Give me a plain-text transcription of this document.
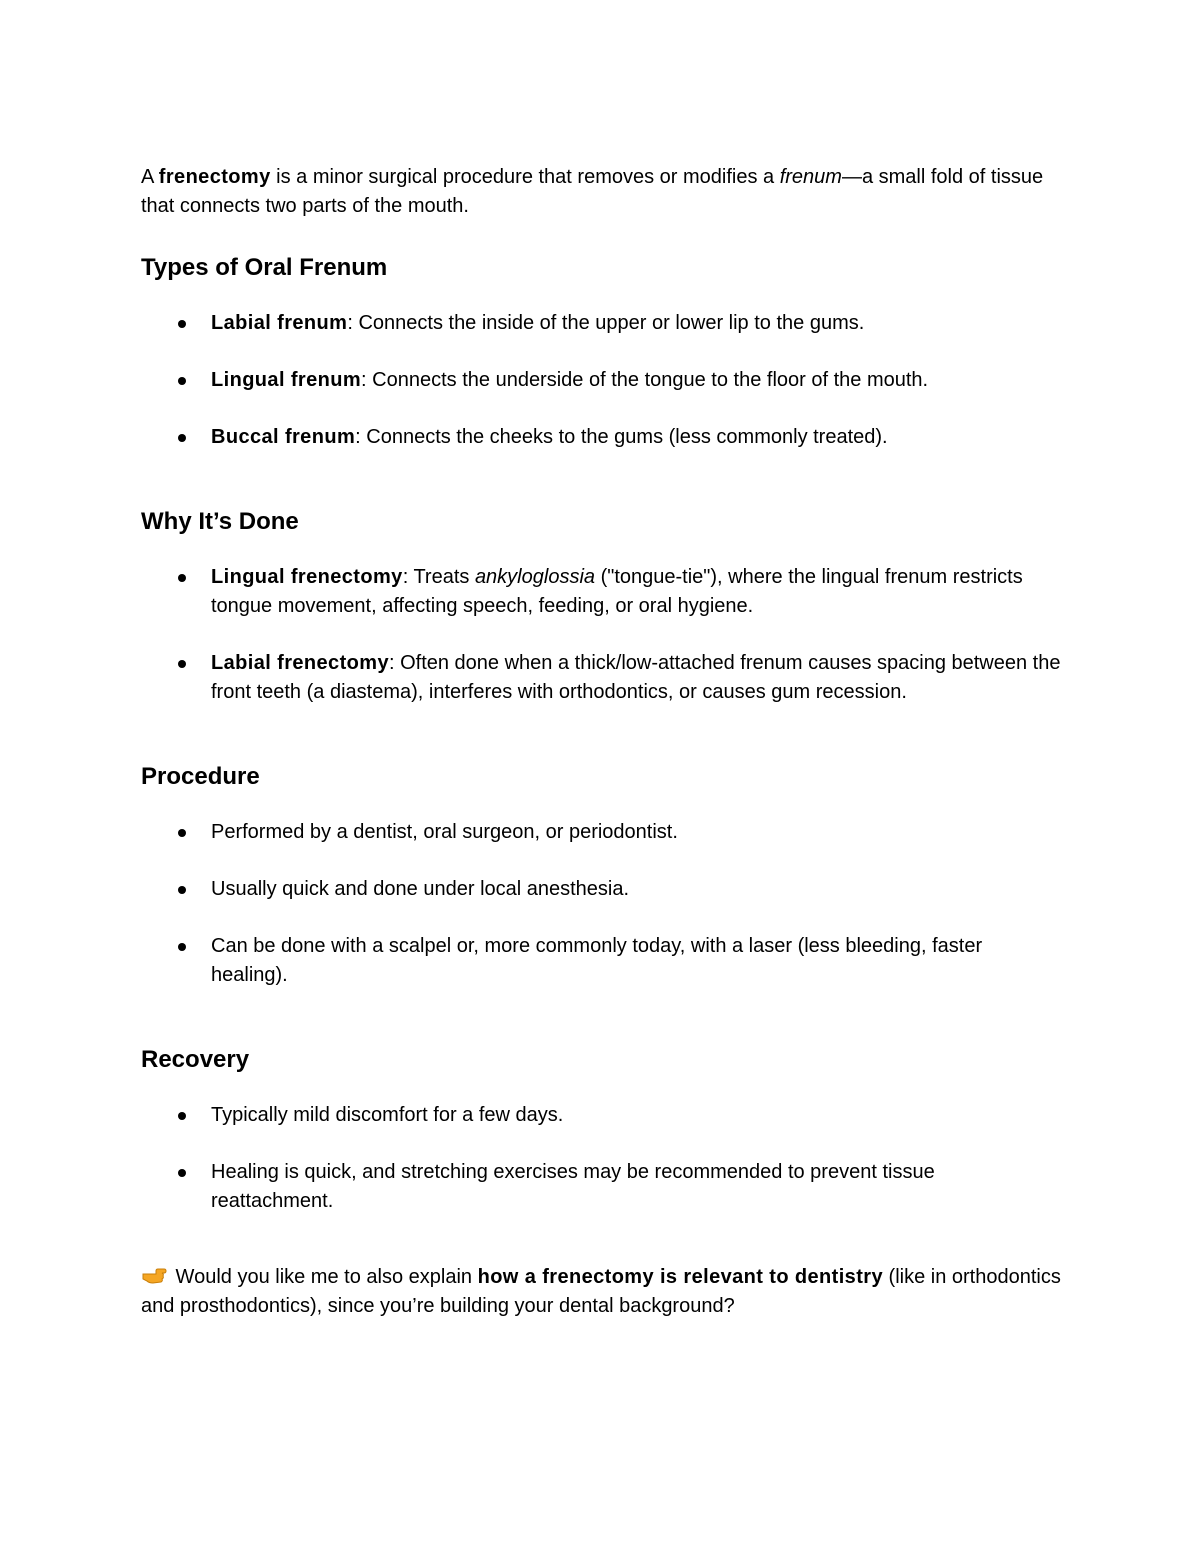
A frenectomy is a minor surgical procedure that removes or modifies a frenum—a small fold of tissue that connects two parts of the mouth.

Types of Oral Frenum
Labial frenum: Connects the inside of the upper or lower lip to the gums.
Lingual frenum: Connects the underside of the tongue to the floor of the mouth.
Buccal frenum: Connects the cheeks to the gums (less commonly treated).
Why It’s Done
Lingual frenectomy: Treats ankyloglossia ("tongue-tie"), where the lingual frenum restricts tongue movement, affecting speech, feeding, or oral hygiene.
Labial frenectomy: Often done when a thick/low-attached frenum causes spacing between the front teeth (a diastema), interferes with orthodontics, or causes gum recession.
Procedure
Performed by a dentist, oral surgeon, or periodontist.
Usually quick and done under local anesthesia.
Can be done with a scalpel or, more commonly today, with a laser (less bleeding, faster healing).
Recovery
Typically mild discomfort for a few days.
Healing is quick, and stretching exercises may be recommended to prevent tissue reattachment.

Would you like me to also explain how a frenectomy is relevant to dentistry (like in orthodontics and prosthodontics), since you’re building your dental background?
